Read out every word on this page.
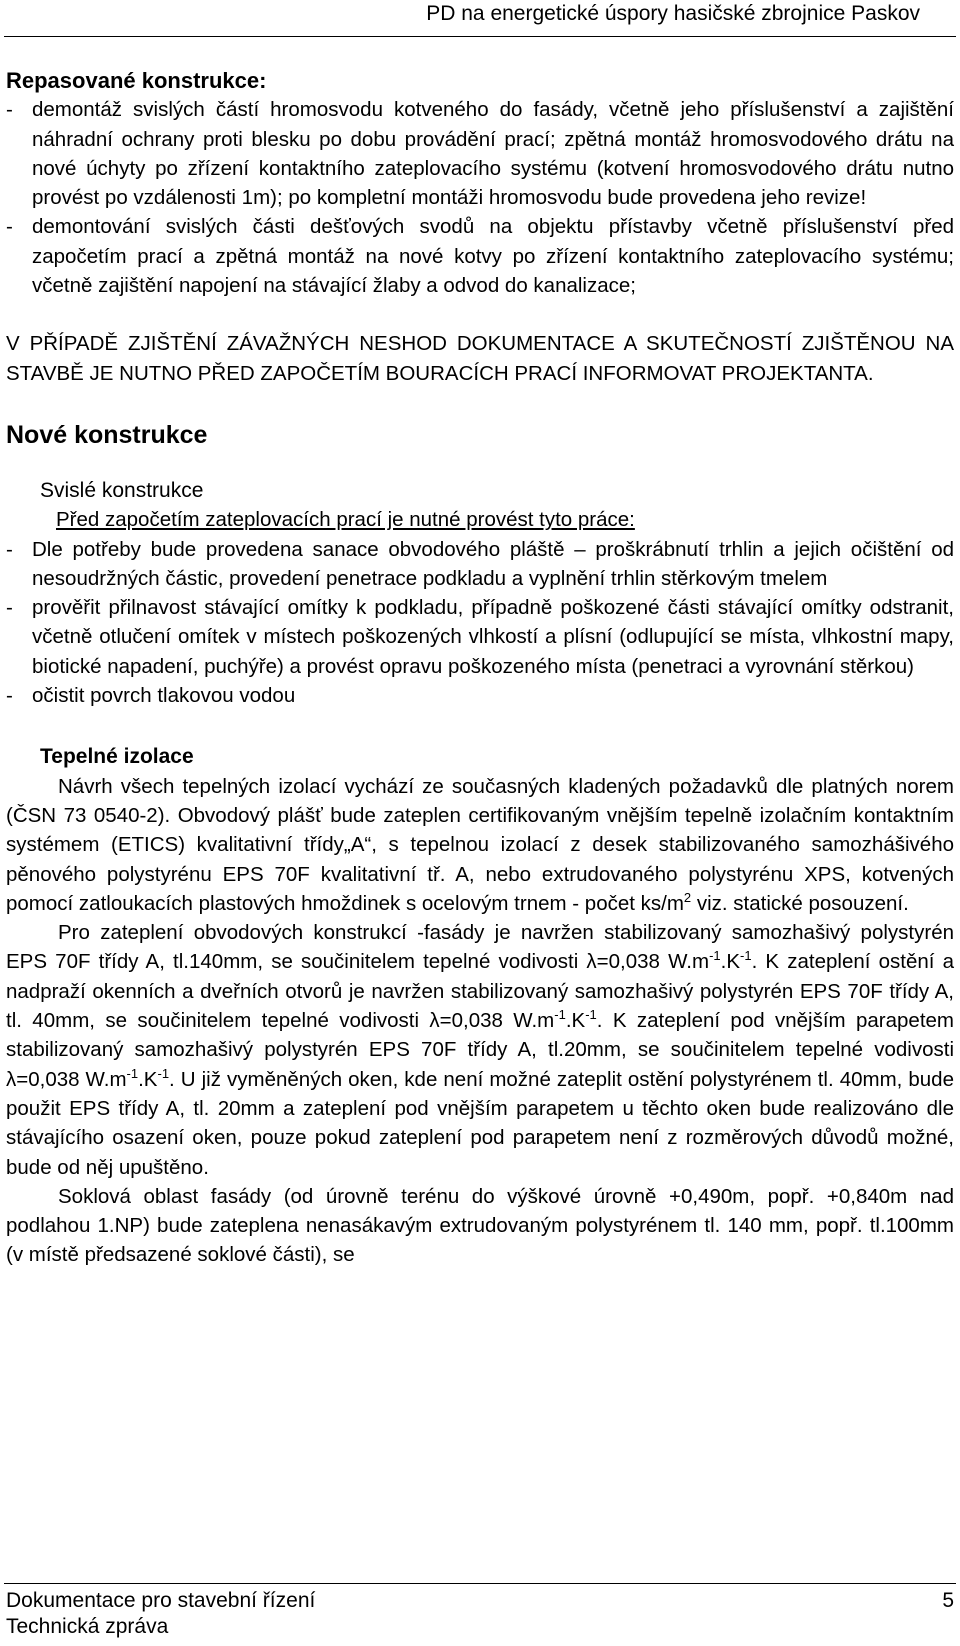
PD na energetické úspory hasičské zbrojnice Paskov

Repasované konstrukce:

- demontáž svislých částí hromosvodu kotveného do fasády, včetně jeho příslušenství a zajištění náhradní ochrany proti blesku po dobu provádění prací; zpětná montáž hromosvodového drátu na nové úchyty po zřízení kontaktního zateplovacího systému (kotvení hromosvodového drátu nutno provést po vzdálenosti 1m); po kompletní montáži hromosvodu bude provedena jeho revize!
- demontování svislých části dešťových svodů na objektu přístavby včetně příslušenství před započetím prací a zpětná montáž na nové kotvy po zřízení kontaktního zateplovacího systému; včetně zajištění napojení na stávající žlaby a odvod do kanalizace;

V PŘÍPADĚ ZJIŠTĚNÍ ZÁVAŽNÝCH NESHOD DOKUMENTACE A SKUTEČNOSTÍ ZJIŠTĚNOU NA STAVBĚ JE NUTNO PŘED ZAPOČETÍM BOURACÍCH PRACÍ INFORMOVAT PROJEKTANTA.

Nové konstrukce

Svislé konstrukce

Před započetím zateplovacích prací je nutné provést tyto práce:

- Dle potřeby bude provedena sanace obvodového pláště – proškrábnutí trhlin a jejich očištění od nesoudržných částic, provedení penetrace podkladu a vyplnění trhlin stěrkovým tmelem
- prověřit přilnavost stávající omítky k podkladu, případně poškozené části stávající omítky odstranit, včetně otlučení omítek v místech poškozených vlhkostí a plísní (odlupující se místa, vlhkostní mapy, biotické napadení, puchýře) a provést opravu poškozeného místa (penetraci a vyrovnání stěrkou)
- očistit povrch tlakovou vodou

Tepelné izolace

Návrh všech tepelných izolací vychází ze současných kladených požadavků dle platných norem (ČSN 73 0540-2). Obvodový plášť bude zateplen certifikovaným vnějším tepelně izolačním kontaktním systémem (ETICS) kvalitativní třídy„A“, s tepelnou izolací z desek stabilizovaného samozhášivého pěnového polystyrénu EPS 70F kvalitativní tř. A, nebo extrudovaného polystyrénu XPS, kotvených pomocí zatloukacích plastových hmoždinek s ocelovým trnem - počet $ks/m^2$ viz. statické posouzení.

Pro zateplení obvodových konstrukcí -fasády je navržen stabilizovaný samozhašivý polystyrén EPS 70F třídy A, tl.140mm, se součinitelem tepelné vodivosti λ=0,038 $W.m^{-1}.K^{-1}$. K zateplení ostění a nadpraží okenních a dveřních otvorů je navržen stabilizovaný samozhašivý polystyrén EPS 70F třídy A, tl. 40mm, se součinitelem tepelné vodivosti λ=0,038 $W.m^{-1}.K^{-1}$. K zateplení pod vnějším parapetem stabilizovaný samozhašivý polystyrén EPS 70F třídy A, tl.20mm, se součinitelem tepelné vodivosti λ=0,038 $W.m^{-1}.K^{-1}$. U již vyměněných oken, kde není možné zateplit ostění polystyrénem tl. 40mm, bude použit EPS třídy A, tl. 20mm a zateplení pod vnějším parapetem u těchto oken bude realizováno dle stávajícího osazení oken, pouze pokud zateplení pod parapetem není z rozměrových důvodů možné, bude od něj upuštěno.

Soklová oblast fasády (od úrovně terénu do výškové úrovně +0,490m, popř. +0,840m nad podlahou 1.NP) bude zateplena nenasákavým extrudovaným polystyrénem tl. 140 mm, popř. tl.100mm (v místě předsazené soklové části), se

Dokumentace pro stavební řízení	5
Technická zpráva
